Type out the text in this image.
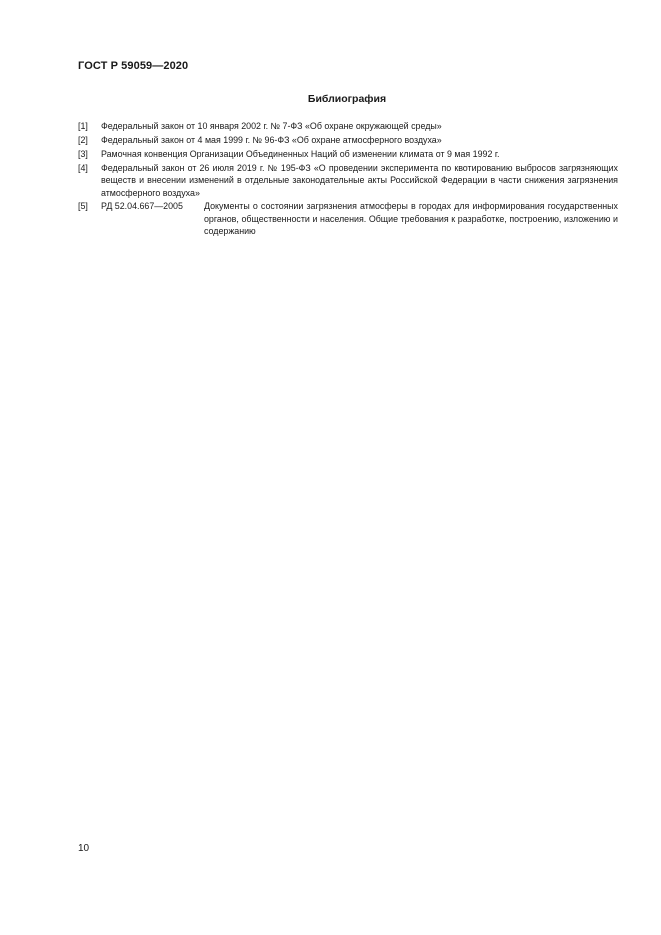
ГОСТ Р 59059—2020
Библиография
[1] Федеральный закон от 10 января 2002 г. № 7-ФЗ «Об охране окружающей среды»
[2] Федеральный закон от 4 мая 1999 г. № 96-ФЗ «Об охране атмосферного воздуха»
[3] Рамочная конвенция Организации Объединенных Наций об изменении климата от 9 мая 1992 г.
[4] Федеральный закон от 26 июля 2019 г. № 195-ФЗ «О проведении эксперимента по квотированию выбросов загрязняющих веществ и внесении изменений в отдельные законодательные акты Российской Федерации в части снижения загрязнения атмосферного воздуха»
[5] РД 52.04.667—2005	Документы о состоянии загрязнения атмосферы в городах для информирования государственных органов, общественности и населения. Общие требования к разработке, построению, изложению и содержанию
10
